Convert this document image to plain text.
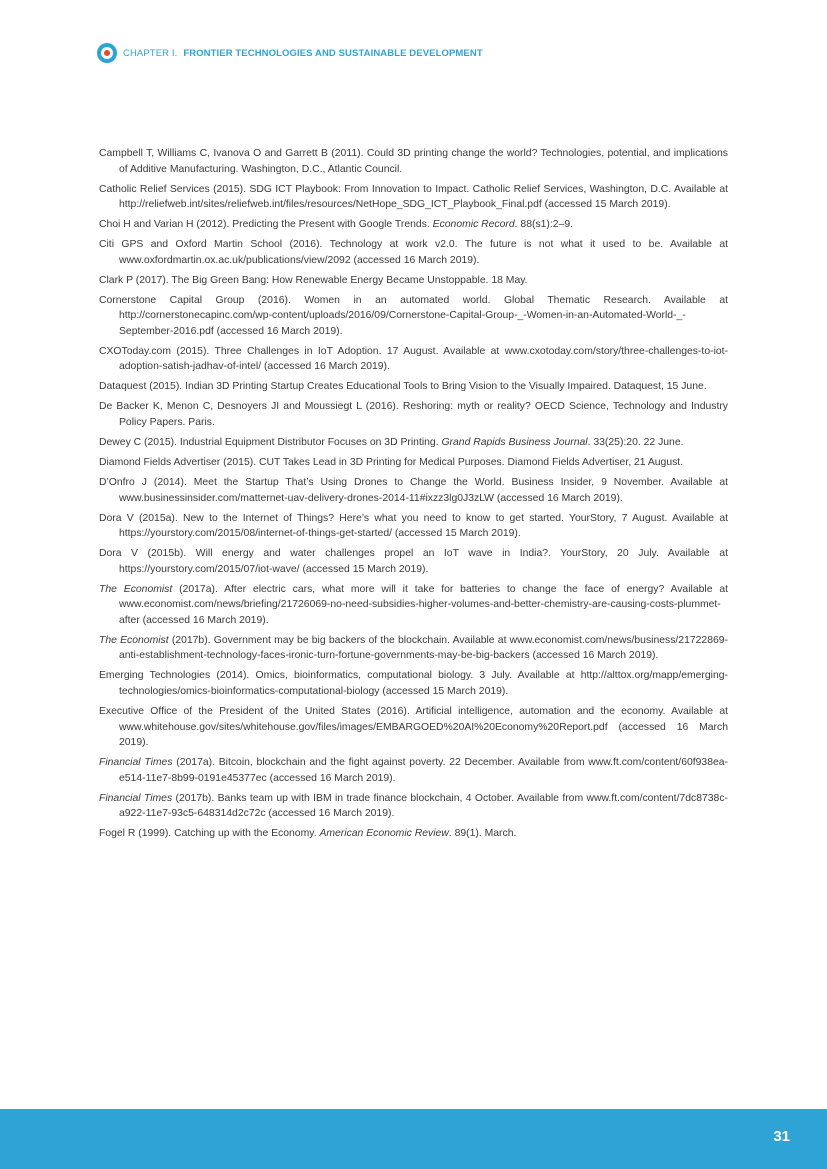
CHAPTER I. FRONTIER TECHNOLOGIES AND SUSTAINABLE DEVELOPMENT

Campbell T, Williams C, Ivanova O and Garrett B (2011). Could 3D printing change the world? Technologies, potential, and implications of Additive Manufacturing. Washington, D.C., Atlantic Council.

Catholic Relief Services (2015). SDG ICT Playbook: From Innovation to Impact. Catholic Relief Services, Washington, D.C. Available at http://reliefweb.int/sites/reliefweb.int/files/resources/NetHope_SDG_ICT_Playbook_Final.pdf (accessed 15 March 2019).

Choi H and Varian H (2012). Predicting the Present with Google Trends. Economic Record. 88(s1):2–9.

Citi GPS and Oxford Martin School (2016). Technology at work v2.0. The future is not what it used to be. Available at www.oxfordmartin.ox.ac.uk/publications/view/2092 (accessed 16 March 2019).

Clark P (2017). The Big Green Bang: How Renewable Energy Became Unstoppable. 18 May.

Cornerstone Capital Group (2016). Women in an automated world. Global Thematic Research. Available at http://cornerstonecapinc.com/wp-content/uploads/2016/09/Cornerstone-Capital-Group-_-Women-in-an-Automated-World-_-September-2016.pdf (accessed 16 March 2019).

CXOToday.com (2015). Three Challenges in IoT Adoption. 17 August. Available at www.cxotoday.com/story/three-challenges-to-iot-adoption-satish-jadhav-of-intel/ (accessed 16 March 2019).

Dataquest (2015). Indian 3D Printing Startup Creates Educational Tools to Bring Vision to the Visually Impaired. Dataquest, 15 June.

De Backer K, Menon C, Desnoyers JI and Moussiegt L (2016). Reshoring: myth or reality? OECD Science, Technology and Industry Policy Papers. Paris.

Dewey C (2015). Industrial Equipment Distributor Focuses on 3D Printing. Grand Rapids Business Journal. 33(25):20. 22 June.

Diamond Fields Advertiser (2015). CUT Takes Lead in 3D Printing for Medical Purposes. Diamond Fields Advertiser, 21 August.

D’Onfro J (2014). Meet the Startup That’s Using Drones to Change the World. Business Insider, 9 November. Available at www.businessinsider.com/matternet-uav-delivery-drones-2014-11#ixzz3lg0J3zLW (accessed 16 March 2019).

Dora V (2015a). New to the Internet of Things? Here’s what you need to know to get started. YourStory, 7 August. Available at https://yourstory.com/2015/08/internet-of-things-get-started/ (accessed 15 March 2019).

Dora V (2015b). Will energy and water challenges propel an IoT wave in India?. YourStory, 20 July. Available at https://yourstory.com/2015/07/iot-wave/ (accessed 15 March 2019).

The Economist (2017a). After electric cars, what more will it take for batteries to change the face of energy? Available at www.economist.com/news/briefing/21726069-no-need-subsidies-higher-volumes-and-better-chemistry-are-causing-costs-plummet-after (accessed 16 March 2019).

The Economist (2017b). Government may be big backers of the blockchain. Available at www.economist.com/news/business/21722869-anti-establishment-technology-faces-ironic-turn-fortune-governments-may-be-big-backers (accessed 16 March 2019).

Emerging Technologies (2014). Omics, bioinformatics, computational biology. 3 July. Available at http://alttox.org/mapp/emerging-technologies/omics-bioinformatics-computational-biology (accessed 15 March 2019).

Executive Office of the President of the United States (2016). Artificial intelligence, automation and the economy. Available at www.whitehouse.gov/sites/whitehouse.gov/files/images/EMBARGOED%20AI%20Economy%20Report.pdf (accessed 16 March 2019).

Financial Times (2017a). Bitcoin, blockchain and the fight against poverty. 22 December. Available from www.ft.com/content/60f938ea-e514-11e7-8b99-0191e45377ec (accessed 16 March 2019).

Financial Times (2017b). Banks team up with IBM in trade finance blockchain, 4 October. Available from www.ft.com/content/7dc8738c-a922-11e7-93c5-648314d2c72c (accessed 16 March 2019).

Fogel R (1999). Catching up with the Economy. American Economic Review. 89(1). March.

31
